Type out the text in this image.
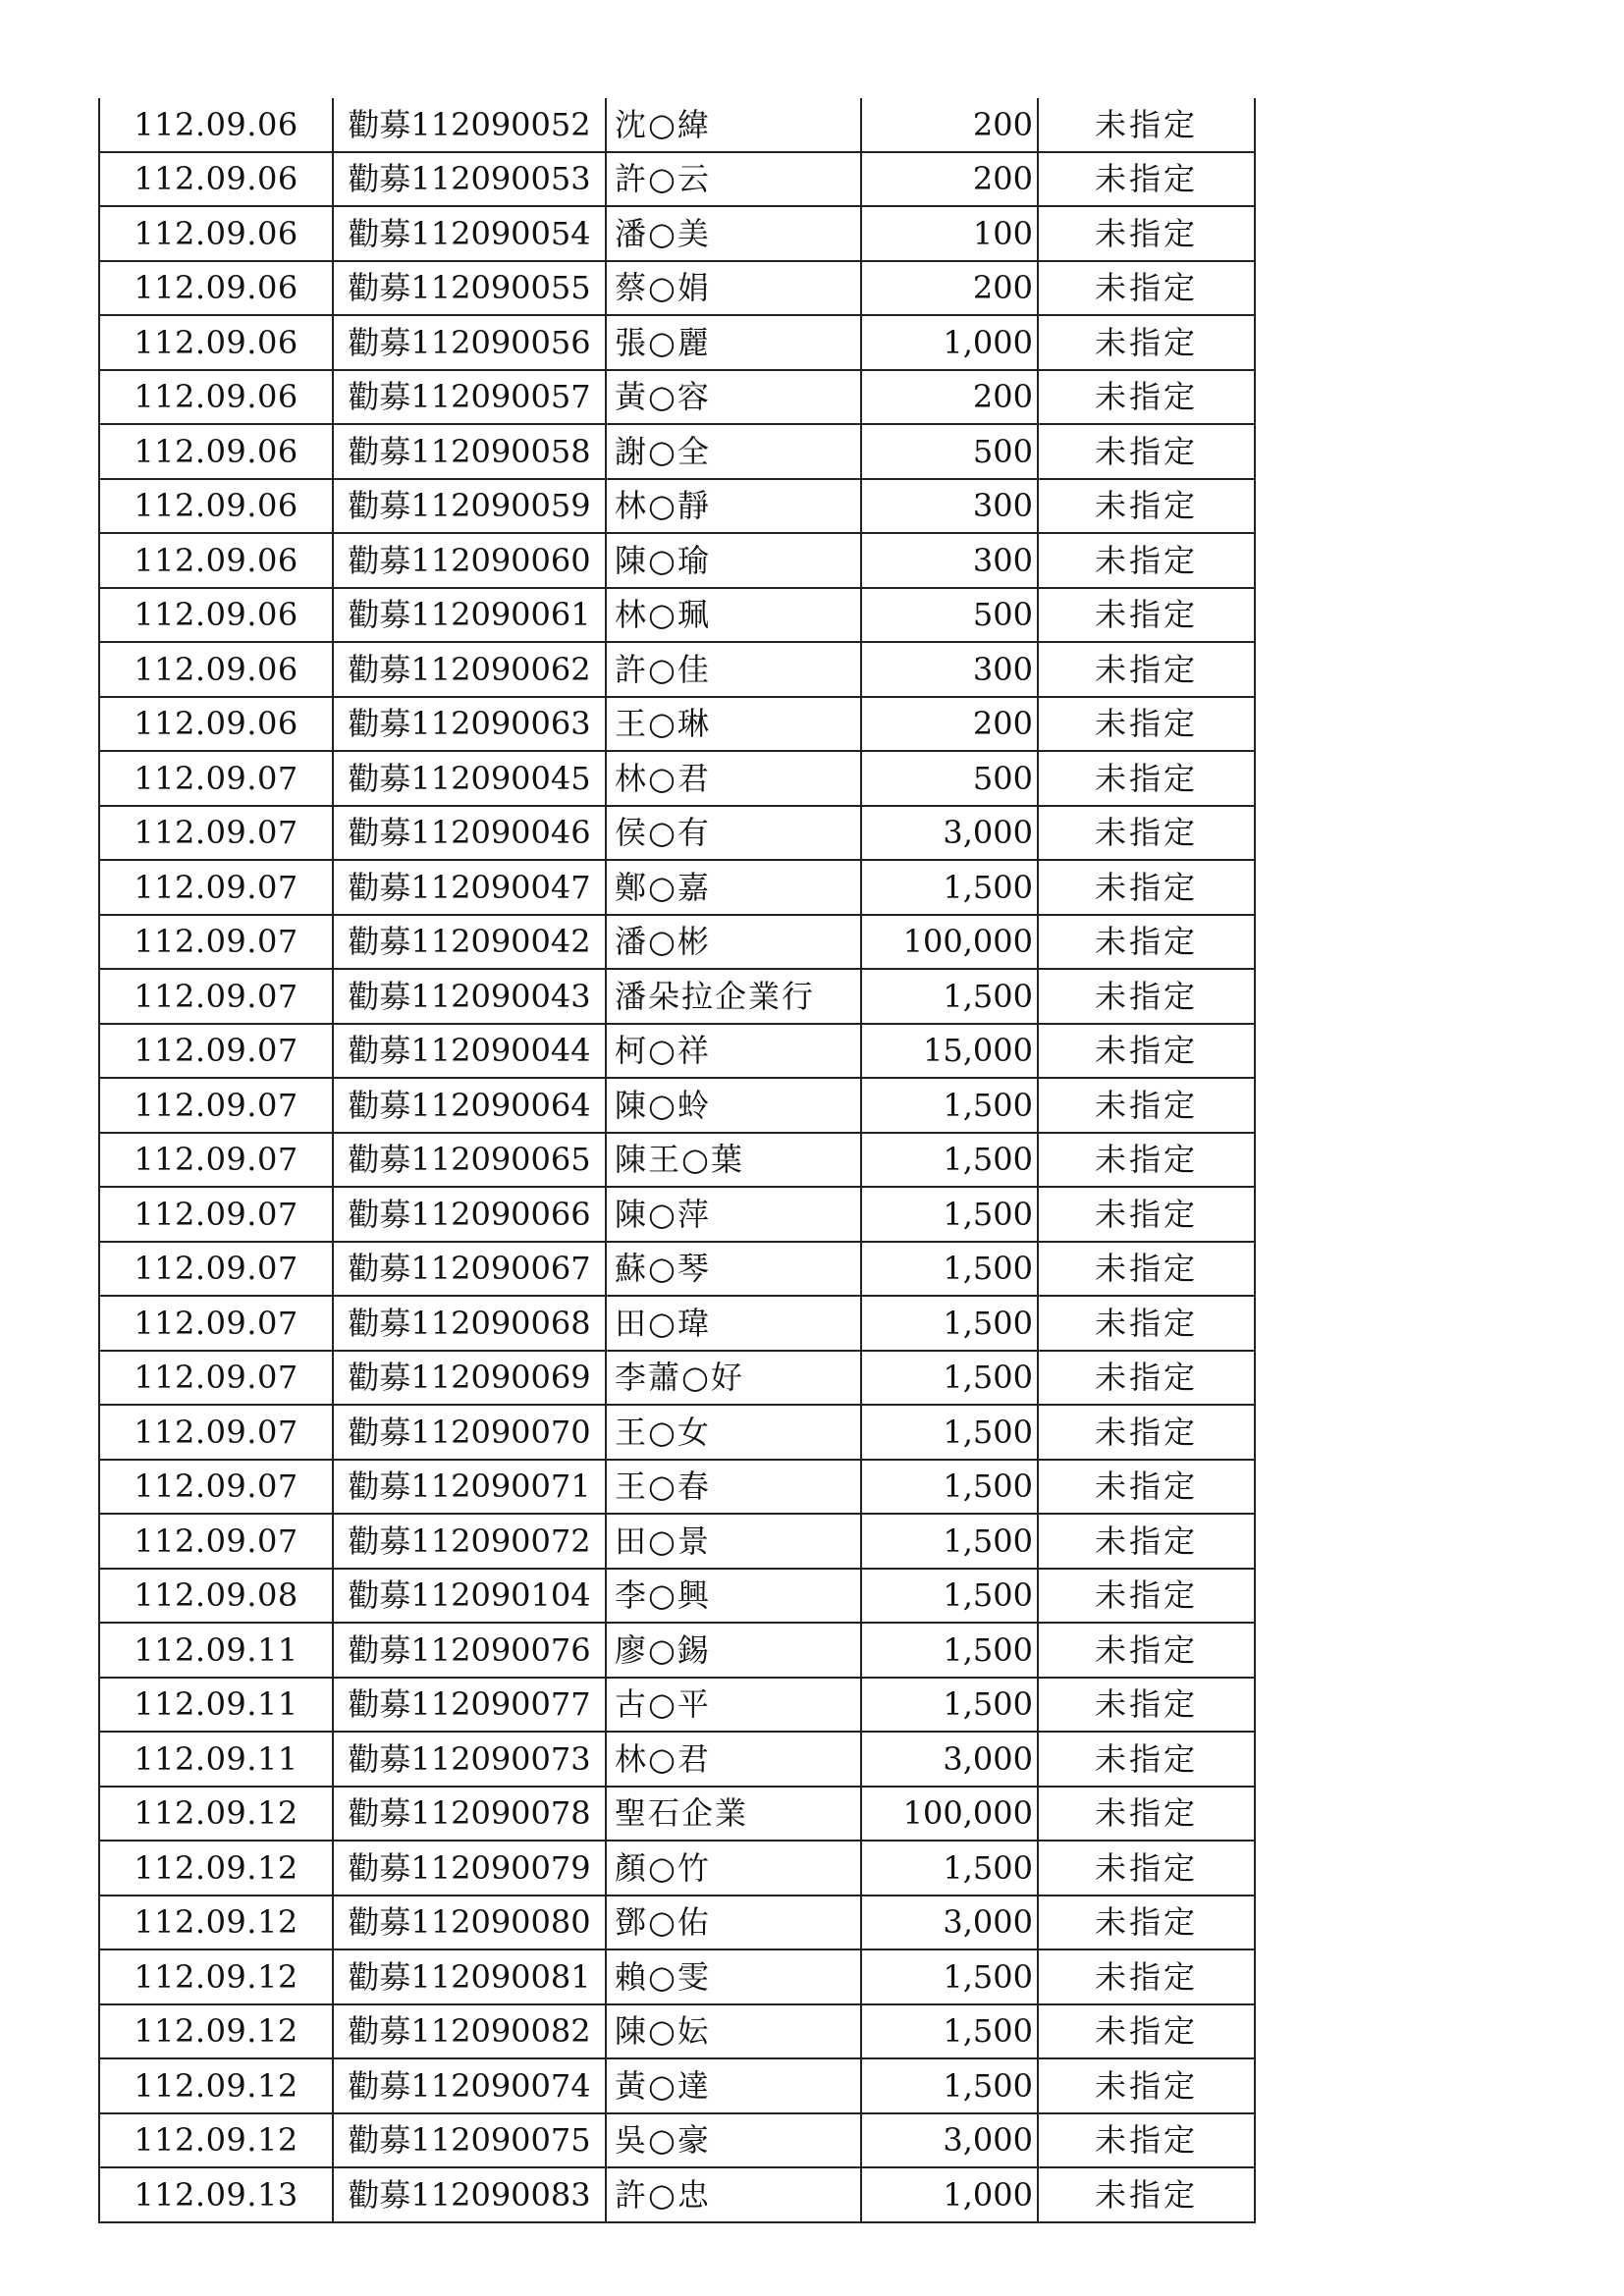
112.09.06	勸募112090052	沈○緯	200	未指定
112.09.06	勸募112090053	許○云	200	未指定
112.09.06	勸募112090054	潘○美	100	未指定
112.09.06	勸募112090055	蔡○娟	200	未指定
112.09.06	勸募112090056	張○麗	1,000	未指定
112.09.06	勸募112090057	黃○容	200	未指定
112.09.06	勸募112090058	謝○全	500	未指定
112.09.06	勸募112090059	林○靜	300	未指定
112.09.06	勸募112090060	陳○瑜	300	未指定
112.09.06	勸募112090061	林○珮	500	未指定
112.09.06	勸募112090062	許○佳	300	未指定
112.09.06	勸募112090063	王○琳	200	未指定
112.09.07	勸募112090045	林○君	500	未指定
112.09.07	勸募112090046	侯○有	3,000	未指定
112.09.07	勸募112090047	鄭○嘉	1,500	未指定
112.09.07	勸募112090042	潘○彬	100,000	未指定
112.09.07	勸募112090043	潘朵拉企業行	1,500	未指定
112.09.07	勸募112090044	柯○祥	15,000	未指定
112.09.07	勸募112090064	陳○蛉	1,500	未指定
112.09.07	勸募112090065	陳王○葉	1,500	未指定
112.09.07	勸募112090066	陳○萍	1,500	未指定
112.09.07	勸募112090067	蘇○琴	1,500	未指定
112.09.07	勸募112090068	田○瑋	1,500	未指定
112.09.07	勸募112090069	李蕭○好	1,500	未指定
112.09.07	勸募112090070	王○女	1,500	未指定
112.09.07	勸募112090071	王○春	1,500	未指定
112.09.07	勸募112090072	田○景	1,500	未指定
112.09.08	勸募112090104	李○興	1,500	未指定
112.09.11	勸募112090076	廖○錫	1,500	未指定
112.09.11	勸募112090077	古○平	1,500	未指定
112.09.11	勸募112090073	林○君	3,000	未指定
112.09.12	勸募112090078	聖石企業	100,000	未指定
112.09.12	勸募112090079	顏○竹	1,500	未指定
112.09.12	勸募112090080	鄧○佑	3,000	未指定
112.09.12	勸募112090081	賴○雯	1,500	未指定
112.09.12	勸募112090082	陳○妘	1,500	未指定
112.09.12	勸募112090074	黃○達	1,500	未指定
112.09.12	勸募112090075	吳○豪	3,000	未指定
112.09.13	勸募112090083	許○忠	1,000	未指定
